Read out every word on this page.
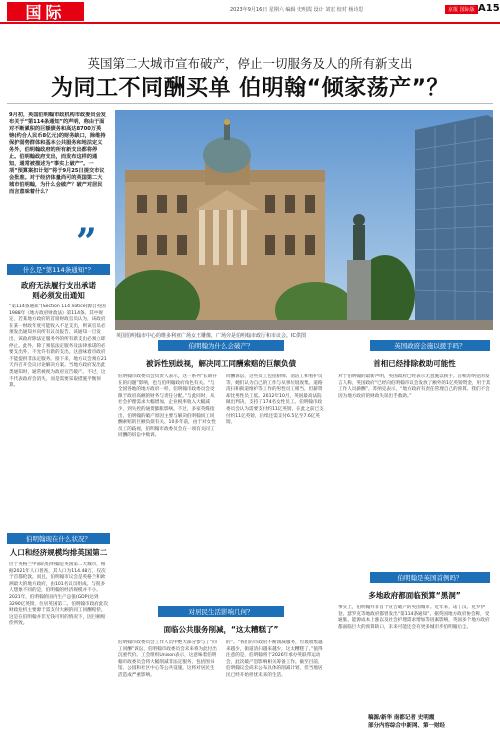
国际	2023年9月16日 星期六 编辑 史明霞 设计 刘宏 校对 杨诗思	京报 国际版 A15
英国第二大城市宣布破产，停止一切服务及人的所有新支出
为同工不同酬买单 伯明翰“倾家荡产”？
9月初，英国伯明翰市政机构市政委员会发布关于“第114条通知”的声明，称由于面对不断累积的巨额债务和高达8700万英镑(约合人民币8亿元)的财务缺口，除维持保护弱势群体和基本公共服务和地法定义务外，伯明翰政府的所有新支出都将停止。伯明翰政府支出，而发布这样的通知，通常被描述为“事实上破产”。一项“预算案扣计划”将于9月25日提交市议会批准。对于经济体量尚可的英国第二大城市伯明翰，为什么会破产？破产对居民而言意味着什么？
”
什么是“第114条通知”？
政府无法履行支出承诺
则必须发出通知
“第114条通知”(Section 114 notice)源自英国1988年《地方政府财政法》第114条。其中规定，若某地方政府的首席财政官员认为，该政府在某一财政年度可能收入不足支出，则该官员必须发出通知并向所有议员报告。该通知一旦发出，该政府除法定服务外的所有新支出必须立即停止。此外，除了须依法定服务及法律承诺的必要支出外，不允许有新的支出。这意味着市政府不能提供非法定服务。接下来，地方议会须在21天内召开会议讨论解决方案。当地方政府发出此类通知时，通常被视为政府宣告破产。不过，这不代表政府会消失，而是需要采取措施平衡预算。
伯明翰现在什么状况？
人口和经济规模均排英国第二
位于英格兰中部的伯明翰是英国第二大城市，根据2021年人口普查，其人口为114.48万，仅次于首都伦敦。而且，伯明翰市议会是英格兰和欧洲最大的地方政府，由101名议员组成。与很多人想象不同的是，伯明翰的经济规模并不小。2021年，伯明翰的国内生产总值(GDP)达到3290亿英镑，位居英国第二。伯明翰市政府此次财政危机主要源于需支付大额的同工同酬赔偿。这是在伯明翰并非无钱可用的情况下，因巨额赔偿所致。
英国伯明翰市中心的维多利亚广场女王雕像，广场旁是伯明翰市政厅和市议会。IC供图
伯明翰为什么会破产？
被诉性别歧视，解决同工同酬索赔的巨额负债
伯明翰市政委员会负责人表示，这一系列“长期存在的问题”影响，也与伯明翰政府角色有关。“与全国各地的地方政府一样，伯明翰市政委员会受限于政府高额的财务与责任分配。”与此同时，从社会护理需求大幅增加，企业税率收入大幅减少，到失控的通货膨胀影响。不过，多家英媒指出，伯明翰的破产原因主要与解决伯明翰同工同酬索赔的巨额负债有关。10多年前，由于对女性员工的歧视，伯明翰市政委员会在一项有关同工同酬的诉讼中败诉。
同酬诉讼，这些员工包括厨师、清洁工和看护员等，她们认为自己的工作与从事垃圾收集、道路清扫和街道维护等工作的男性员工相当，但薪资却比男性员工低。2012年10月，英国最高法院做出判决，支持了174名女性员工。伯明翰市政委员会认为需要支付约11亿英镑，在此之前已支付约11亿英镑，后续还需支付6.5亿至7.6亿英镑。
英国政府会施以援手吗？
首相已经排除救助可能性
对于伯明翰的最新声明，英国政府已经表示无意施以援手。首相苏纳克的发言人称，英国政府“已经向伯明翰市议会发放了额外的1亿英镑资金，用于其工作人员薪酬”。苏纳克表示，“地方政府有责任管理自己的预算，我们不会因为地方政府的财政失误出手救助。”
对居民生活影响几何？
面临公共服务削减，“这太糟糕了”
伯明翰市政委员会工作人员中绝大部分参与了“同工同酬”诉讼，伯明翰市政委员会未来将为此付出沉重代价。工会组织Unison表示，这意味着伯明翰市政委员会将大幅削减非法定服务，包括图书馆、公园和社区中心等公共设施，这将对居民生活造成严重影响。
的”。“我们的市政府不断削减服务，垃圾收集越来越少，街道清扫越来越少，这太糟糕了。”值得注意的是，伯明翰将于2026年承办英联邦运动会，此次破产恐影响相关筹备工作。截至目前，伯明翰议会尚未公布具体的削减计划，但当地居民已经开始担忧未来的生活。
伯明翰是英国首例吗？
多地政府都面临预算“黑洞”
事实上，伯明翰并非首个宣告破产的英国城市。近年来，诺丁汉、克罗伊登、瑟罗克等地政府都曾发出“第114条通知”。据英国地方政府协会称，受通胀、能源成本上涨以及社会护理需求增加等因素影响，英国多个地方政府都面临巨大的预算缺口，未来可能还会有更多城市步伯明翰后尘。
稿源/新华 南都记者 史明霞
部分内容综合中新网、第一财经
